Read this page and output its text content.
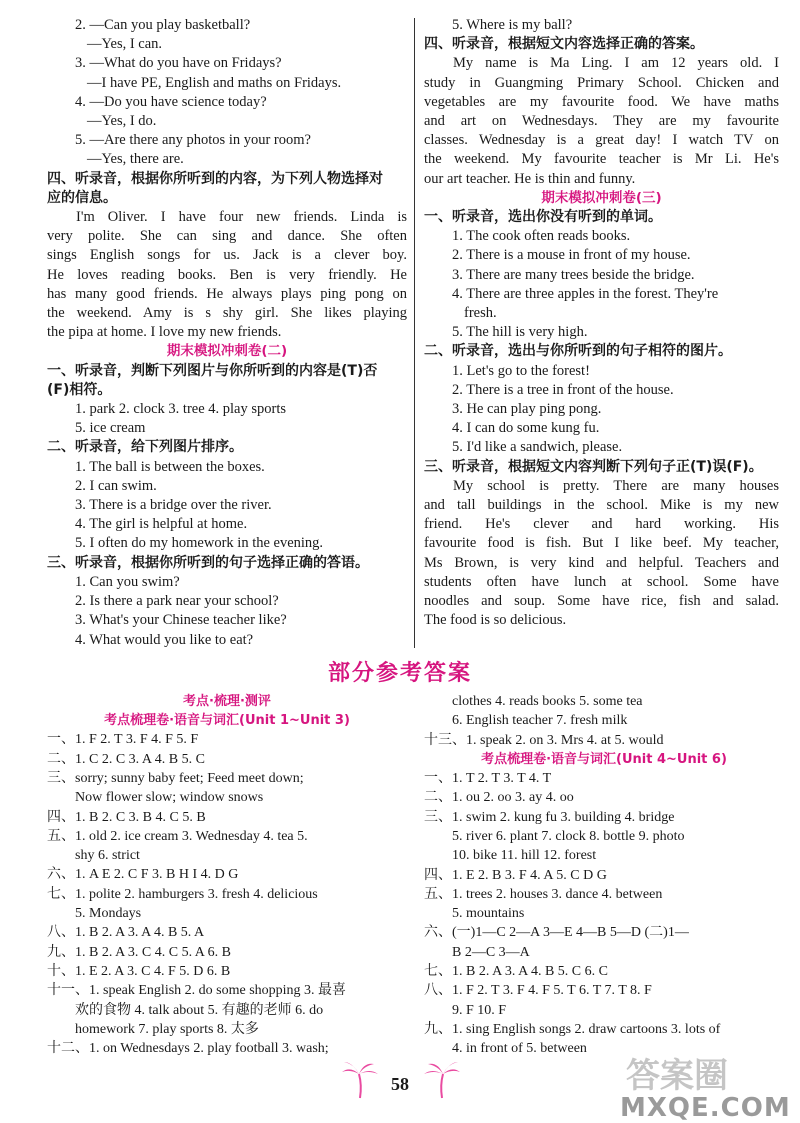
2. —Can you play basketball?
—Yes, I can.
3. —What do you have on Fridays?
—I have PE, English and maths on Fridays.
4. —Do you have science today?
—Yes, I do.
5. —Are there any photos in your room?
—Yes, there are.
四、听录音，根据你所听到的内容，为下列人物选择对
应的信息。
I'm Oliver. I have four new friends. Linda is
very polite. She can sing and dance. She often
sings English songs for us. Jack is a clever boy.
He loves reading books. Ben is very friendly. He
has many good friends. He always plays ping pong on
the weekend. Amy is s shy girl. She likes playing
the pipa at home. I love my new friends.
期末模拟冲刺卷(二)
一、听录音，判断下列图片与你所听到的内容是(T)否
(F)相符。
1. park 2. clock 3. tree 4. play sports
5. ice cream
二、听录音，给下列图片排序。
1. The ball is between the boxes.
2. I can swim.
3. There is a bridge over the river.
4. The girl is helpful at home.
5. I often do my homework in the evening.
三、听录音，根据你所听到的句子选择正确的答语。
1. Can you swim?
2. Is there a park near your school?
3. What's your Chinese teacher like?
4. What would you like to eat?
5. Where is my ball?
四、听录音，根据短文内容选择正确的答案。
My name is Ma Ling. I am 12 years old. I
study in Guangming Primary School. Chicken and
vegetables are my favourite food. We have maths
and art on Wednesdays. They are my favourite
classes. Wednesday is a great day! I watch TV on
the weekend. My favourite teacher is Mr Li. He's
our art teacher. He is thin and funny.
期末模拟冲刺卷(三)
一、听录音，选出你没有听到的单词。
1. The cook often reads books.
2. There is a mouse in front of my house.
3. There are many trees beside the bridge.
4. There are three apples in the forest. They're
fresh.
5. The hill is very high.
二、听录音，选出与你所听到的句子相符的图片。
1. Let's go to the forest!
2. There is a tree in front of the house.
3. He can play ping pong.
4. I can do some kung fu.
5. I'd like a sandwich, please.
三、听录音，根据短文内容判断下列句子正(T)误(F)。
My school is pretty. There are many houses
and tall buildings in the school. Mike is my new
friend. He's clever and hard working. His
favourite food is fish. But I like beef. My teacher,
Ms Brown, is very kind and helpful. Teachers and
students often have lunch at school. Some have
noodles and soup. Some have rice, fish and salad.
The food is so delicious.
部分参考答案
考点·梳理·测评
考点梳理卷·语音与词汇(Unit 1~Unit 3)
一、1. F 2. T 3. F 4. F 5. F
二、1. C 2. C 3. A 4. B 5. C
三、sorry; sunny baby feet; Feed meet down;
Now flower slow; window snows
四、1. B 2. C 3. B 4. C 5. B
五、1. old 2. ice cream 3. Wednesday 4. tea 5.
shy 6. strict
六、1. A E 2. C F 3. B H I 4. D G
七、1. polite 2. hamburgers 3. fresh 4. delicious
5. Mondays
八、1. B 2. A 3. A 4. B 5. A
九、1. B 2. A 3. C 4. C 5. A 6. B
十、1. E 2. A 3. C 4. F 5. D 6. B
十一、1. speak English 2. do some shopping 3. 最喜
欢的食物 4. talk about 5. 有趣的老师 6. do
homework 7. play sports 8. 太多
十二、1. on Wednesdays 2. play football 3. wash;
clothes 4. reads books 5. some tea
6. English teacher 7. fresh milk
十三、1. speak 2. on 3. Mrs 4. at 5. would
考点梳理卷·语音与词汇(Unit 4~Unit 6)
一、1. T 2. T 3. T 4. T
二、1. ou 2. oo 3. ay 4. oo
三、1. swim 2. kung fu 3. building 4. bridge
5. river 6. plant 7. clock 8. bottle 9. photo
10. bike 11. hill 12. forest
四、1. E 2. B 3. F 4. A 5. C D G
五、1. trees 2. houses 3. dance 4. between
5. mountains
六、(一)1—C 2—A 3—E 4—B 5—D (二)1—
B 2—C 3—A
七、1. B 2. A 3. A 4. B 5. C 6. C
八、1. F 2. T 3. F 4. F 5. T 6. T 7. T 8. F
9. F 10. F
九、1. sing English songs 2. draw cartoons 3. lots of
4. in front of 5. between
58	答案圈
MXQE.COM
